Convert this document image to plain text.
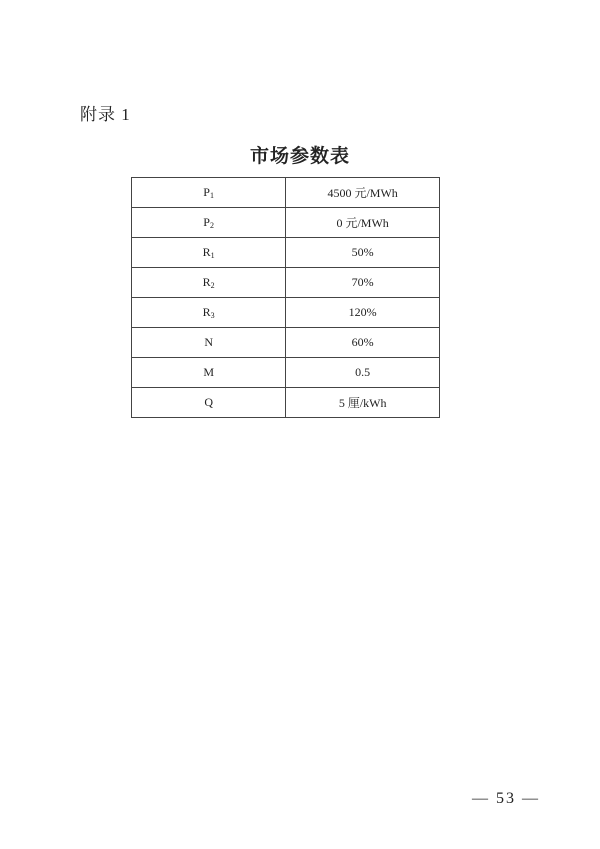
附录 1
市场参数表
$P_1$	4500 元/MWh
$P_2$	0 元/MWh
$R_1$	50%
$R_2$	70%
$R_3$	120%
N	60%
M	0.5
Q	5 厘/kWh
— 53 —
